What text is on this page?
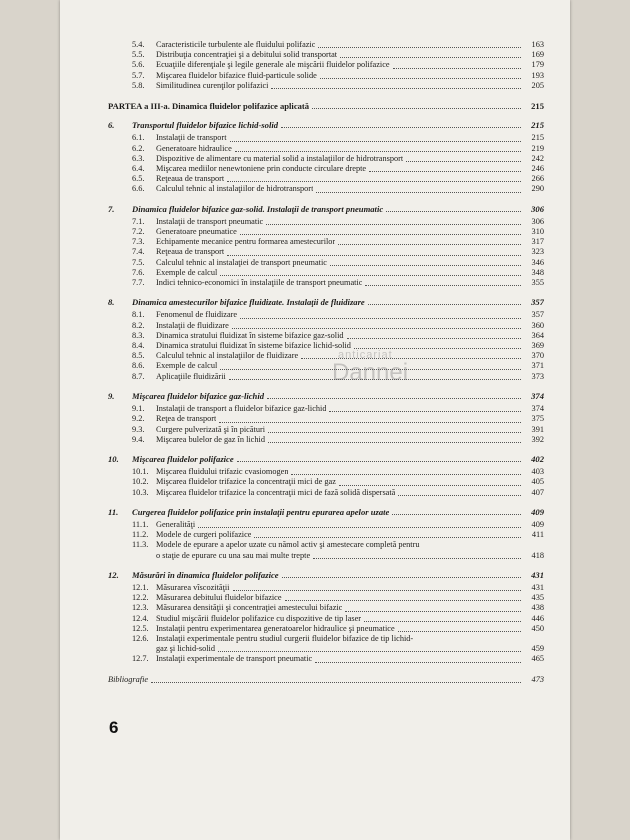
5.4.	Caracteristicile turbulente ale fluidului polifazic	163
5.5.	Distribuţia concentraţiei şi a debitului solid transportat	169
5.6.	Ecuaţiile diferenţiale şi legile generale ale mişcării fluidelor polifazice	179
5.7.	Mişcarea fluidelor bifazice fluid-particule solide	193
5.8.	Similitudinea curenţilor polifazici	205
PARTEA a III-a. Dinamica fluidelor polifazice aplicată	215
6.	Transportul fluidelor bifazice lichid-solid	215
6.1.	Instalaţii de transport	215
6.2.	Generatoare hidraulice	219
6.3.	Dispozitive de alimentare cu material solid a instalaţiilor de hidrotransport	242
6.4.	Mişcarea mediilor nenewtoniene prin conducte circulare drepte	246
6.5.	Reţeaua de transport	266
6.6.	Calculul tehnic al instalaţiilor de hidrotransport	290
7.	Dinamica fluidelor bifazice gaz-solid. Instalaţii de transport pneumatic	306
7.1.	Instalaţii de transport pneumatic	306
7.2.	Generatoare pneumatice	310
7.3.	Echipamente mecanice pentru formarea amestecurilor	317
7.4.	Reţeaua de transport	323
7.5.	Calculul tehnic al instalaţiei de transport pneumatic	346
7.6.	Exemple de calcul	348
7.7.	Indici tehnico-economici în instalaţiile de transport pneumatic	355
8.	Dinamica amestecurilor bifazice fluidizate. Instalaţii de fluidizare	357
8.1.	Fenomenul de fluidizare	357
8.2.	Instalaţii de fluidizare	360
8.3.	Dinamica stratului fluidizat în sisteme bifazice gaz-solid	364
8.4.	Dinamica stratului fluidizat în sisteme bifazice lichid-solid	369
8.5.	Calculul tehnic al instalaţiilor de fluidizare	370
8.6.	Exemple de calcul	371
8.7.	Aplicaţiile fluidizării	373
9.	Mişcarea fluidelor bifazice gaz-lichid	374
9.1.	Instalaţii de transport a fluidelor bifazice gaz-lichid	374
9.2.	Reţea de transport	375
9.3.	Curgere pulverizată şi în picături	391
9.4.	Mişcarea bulelor de gaz în lichid	392
10.	Mişcarea fluidelor polifazice	402
10.1. Mişcarea fluidului trifazic cvasiomogen	403
10.2. Mişcarea fluidelor trifazice la concentraţii mici de gaz	405
10.3. Mişcarea fluidelor trifazice la concentraţii mici de fază solidă dispersată	407
11.	Curgerea fluidelor polifazice prin instalaţii pentru epurarea apelor uzate	409
11.1. Generalităţi	409
11.2. Modele de curgeri polifazice	411
11.3. Modele de epurare a apelor uzate cu nămol activ şi amestecare completă pentru
o staţie de epurare cu una sau mai multe trepte	418
12.	Măsurări în dinamica fluidelor polifazice	431
12.1. Măsurarea vîscozităţii	431
12.2. Măsurarea debitului fluidelor bifazice	435
12.3. Măsurarea densităţii şi concentraţiei amestecului bifazic	438
12.4. Studiul mişcării fluidelor polifazice cu dispozitive de tip laser	446
12.5. Instalaţii pentru experimentarea generatoarelor hidraulice şi pneumatice	450
12.6. Instalaţii experimentale pentru studiul curgerii fluidelor bifazice de tip lichid-
gaz şi lichid-solid	459
12.7. Instalaţii experimentale de transport pneumatic	465
Bibliografie	473
6
anticariat
Dannei
